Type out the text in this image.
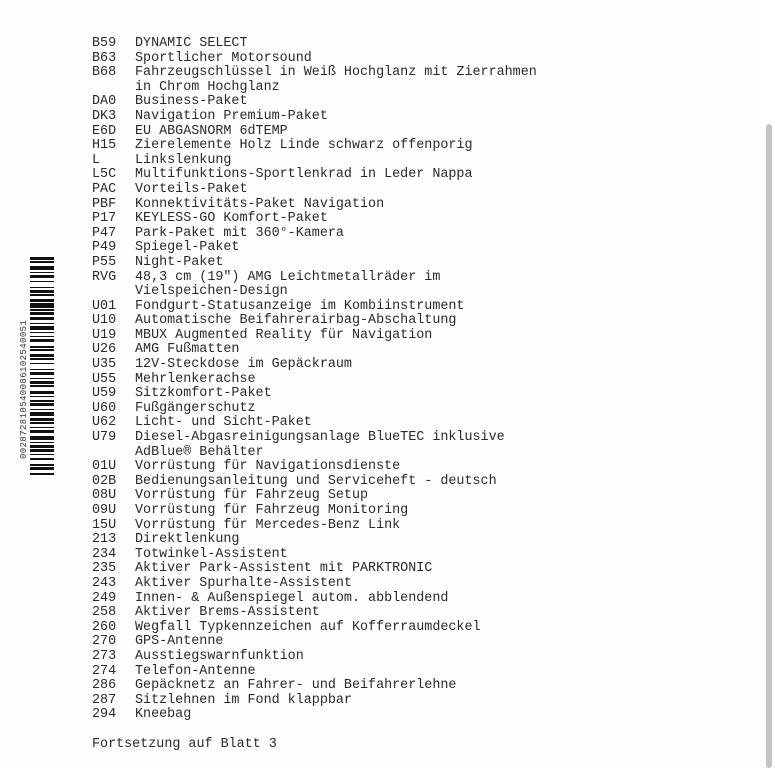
002872810540086102540051
B59	DYNAMIC SELECT
B63	Sportlicher Motorsound
B68	Fahrzeugschlüssel in Weiß Hochglanz mit Zierrahmen
in Chrom Hochglanz
DA0	Business-Paket
DK3	Navigation Premium-Paket
E6D	EU ABGASNORM 6dTEMP
H15	Zierelemente Holz Linde schwarz offenporig
L	Linkslenkung
L5C	Multifunktions-Sportlenkrad in Leder Nappa
PAC	Vorteils-Paket
PBF	Konnektivitäts-Paket Navigation
P17	KEYLESS-GO Komfort-Paket
P47	Park-Paket mit 360°-Kamera
P49	Spiegel-Paket
P55	Night-Paket
RVG	48,3 cm (19") AMG Leichtmetallräder im
Vielspeichen-Design
U01	Fondgurt-Statusanzeige im Kombiinstrument
U10	Automatische Beifahrerairbag-Abschaltung
U19	MBUX Augmented Reality für Navigation
U26	AMG Fußmatten
U35	12V-Steckdose im Gepäckraum
U55	Mehrlenkerachse
U59	Sitzkomfort-Paket
U60	Fußgängerschutz
U62	Licht- und Sicht-Paket
U79	Diesel-Abgasreinigungsanlage BlueTEC inklusive
AdBlue® Behälter
01U	Vorrüstung für Navigationsdienste
02B	Bedienungsanleitung und Serviceheft - deutsch
08U	Vorrüstung für Fahrzeug Setup
09U	Vorrüstung für Fahrzeug Monitoring
15U	Vorrüstung für Mercedes-Benz Link
213	Direktlenkung
234	Totwinkel-Assistent
235	Aktiver Park-Assistent mit PARKTRONIC
243	Aktiver Spurhalte-Assistent
249	Innen- & Außenspiegel autom. abblendend
258	Aktiver Brems-Assistent
260	Wegfall Typkennzeichen auf Kofferraumdeckel
270	GPS-Antenne
273	Ausstiegswarnfunktion
274	Telefon-Antenne
286	Gepäcknetz an Fahrer- und Beifahrerlehne
287	Sitzlehnen im Fond klappbar
294	Kneebag
Fortsetzung auf Blatt 3
